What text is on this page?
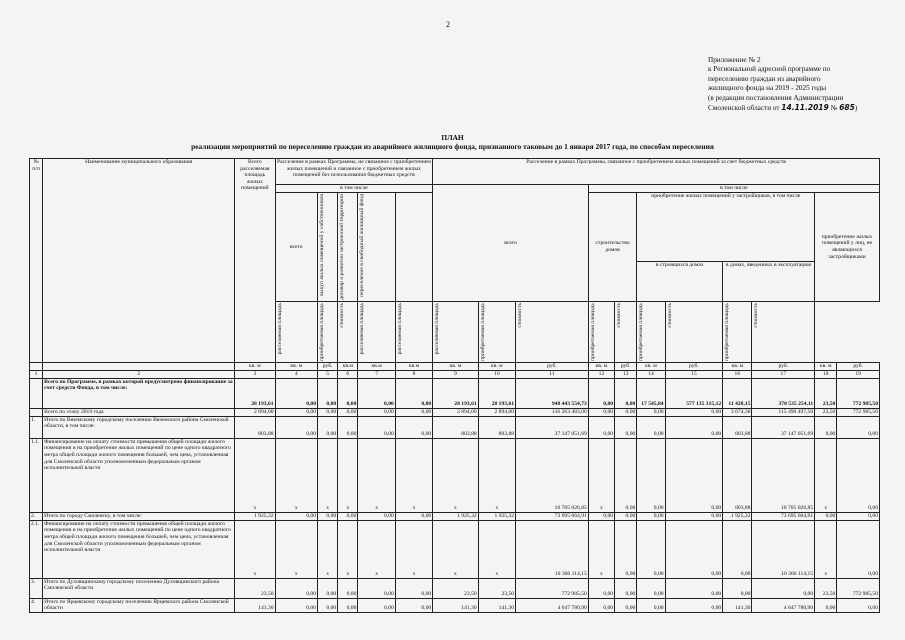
2
Приложение № 2
к Региональной адресной программе по
переселению граждан из аварийного
жилищного фонда на 2019 - 2025 годы
(в редакции постановления Администрации
Смоленской области от 14.11.2019 № 685)
ПЛАН
реализации мероприятий по переселению граждан из аварийного жилищного фонда, признанного таковым до 1 января 2017 года, по способам переселения
№ п/п	Наименование муниципального образования	Всего расселяемая площадь жилых помещений	Расселение в рамках Программы, не связанное с приобретением жилых помещений и связанное с приобретением жилых помещений без использования бюджетных средств					Расселение в рамках Программы, связанное с приобретением жилых помещений за счет бюджетных средств										
			в том числе					всего			в том числе							
			всего	выкуп жилых помещений у собственников	договор о развитии застроенной территории	переселение в свободный жилищный фонд					строительство домов		приобретение жилых помещений у застройщиков, в том числе				приобретение жилых помещений у лиц, не являющихся застройщиками	
													в строящихся домах		в домах, введенных в эксплуатацию			

			расселяемая площадь	приобретаемая площадь	стоимость	расселяемая площадь	расселяемая площадь	расселяемая площадь	приобретаемая площадь	стоимость	приобретаемая площадь	стоимость	приобретаемая площадь	стоимость	приобретаемая площадь	стоимость		

		кв. м	кв. м	руб.	кв.м	кв.м	кв.м	кв. м	кв. м	руб.	кв. м	руб.	кв. м	руб.	кв. м	руб.	кв. м	руб.
1	2	3	4	5	6	7	8	9	10	11	12	13	14	15	16	17	18	19
	Всего по Программе, в рамках которой предусмотрено финансирование за счет средств Фонда, в том числе:	28 193,61	0,00	0,00	0,00	0,00	0,00	28 193,61	28 193,61	948 443 554,73	0,00	0,00	17 545,84	577 135 315,12	11 428,15	370 535 254,11	23,50	772 985,50
	Всего по этапу 2019 года	2 894,00	0,00	0,00	0,00	0,00	0,00	2 894,00	2 894,00	116 263 483,00	0,00	0,00	0,00	0,00	3 674,38	115 490 497,50	23,50	772 985,50
1.	Итого по Вяземскому городскому поселению Вяземского района Смоленской области, в том числе:	803,88	0,00	0,00	0,00	0,00	0,00	803,88	803,88	37 147 051,69	0,00	0,00	0,00	0,00	803,88	37 147 051,69	0,00	0,00
1.1.	Финансирование на оплату стоимости превышения общей площади жилого помещения и на приобретение жилых помещений по цене одного квадратного метра общей площади жилого помещения большей, чем цена, установленная для Смоленской области уполномоченным федеральным органом исполнительной власти	x	x	x	x	x	x	x	x	10 705 026,85	x	0,00	0,00	0,00	803,88	10 705 026,85	x	0,00
2.	Итого по городу Смоленску, в том числе:	1 925,32	0,00	0,00	0,00	0,00	0,00	1 925,32	1 925,32	73 695 664,91	0,00	0,00	0,00	0,00	1 925,32	73 695 664,91	0,00	0,00
2.1.	Финансирование на оплату стоимости превышения общей площади жилого помещения и на приобретение жилых помещений по цене одного квадратного метра общей площади жилого помещения большей, чем цена, установленная для Смоленской области уполномоченным федеральным органом исполнительной власти	x	x	x	x	x	x	x	x	10 366 114,15	x	0,00	0,00	0,00	0,00	10 366 114,15	x	0,00
3.	Итого по Духовщинскому городскому поселению Духовщинского района Смоленской области	23,50	0,00	0,00	0,00	0,00	0,00	23,50	23,50	772 985,50	0,00	0,00	0,00	0,00	0,00	0,00	23,50	772 985,50
4.	Итого по Ярцевскому городскому поселению Ярцевского района Смоленской области	141,30	0,00	0,00	0,00	0,00	0,00	141,30	141,30	4 647 780,90	0,00	0,00	0,00	0,00	141,30	4 647 780,90	0,00	0,00
